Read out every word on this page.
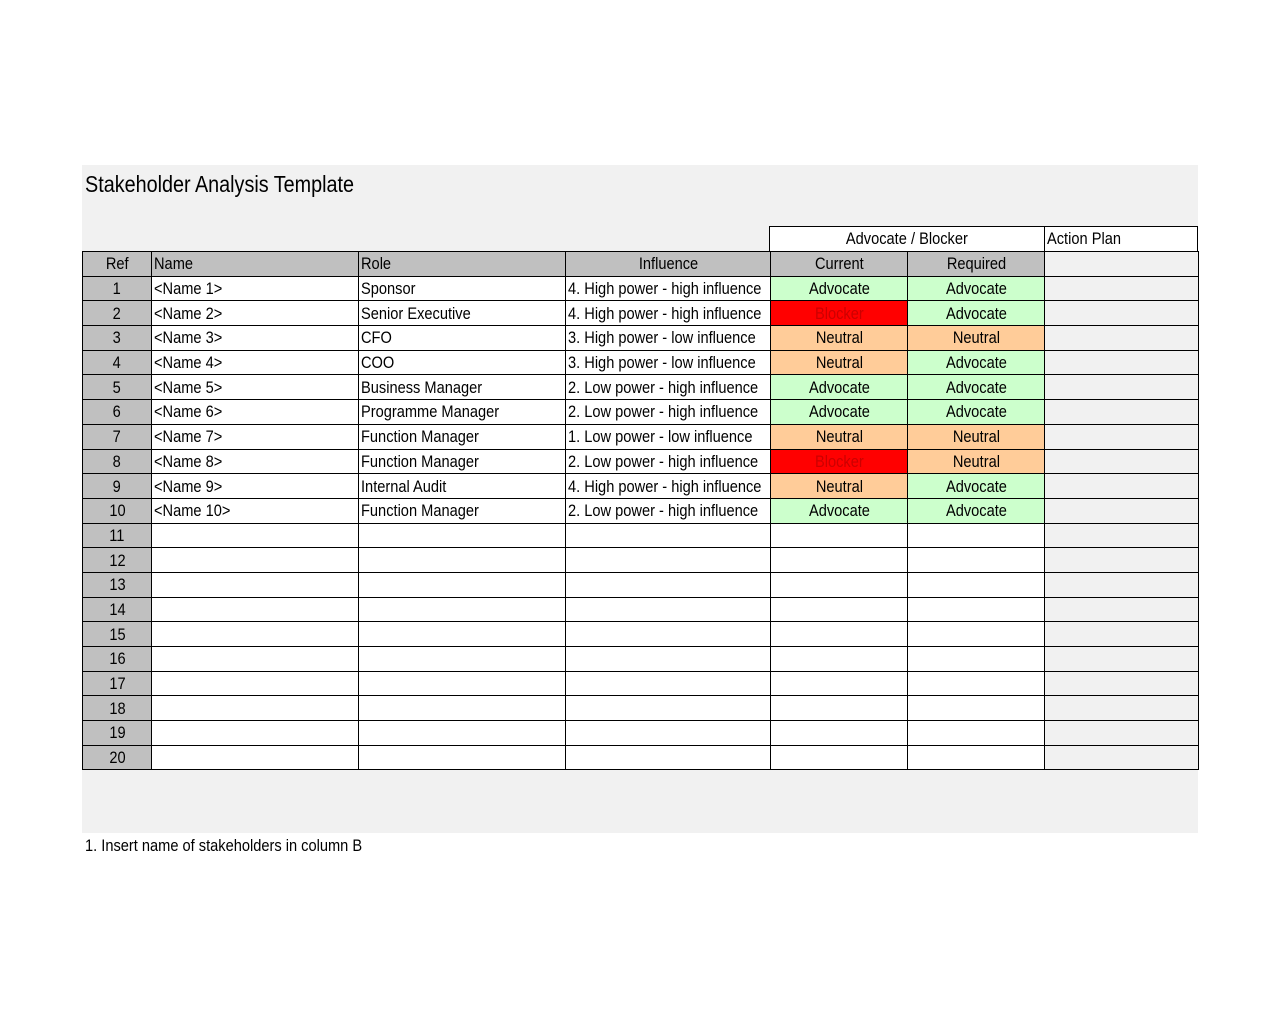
Stakeholder Analysis Template
Advocate / Blocker	Action Plan
Ref	Name	Role	Influence	Current	Required	
1	<Name 1>	Sponsor	4. High power - high influence	Advocate	Advocate	
2	<Name 2>	Senior Executive	4. High power - high influence	Blocker	Advocate	
3	<Name 3>	CFO	3. High power - low influence	Neutral	Neutral	
4	<Name 4>	COO	3. High power - low influence	Neutral	Advocate	
5	<Name 5>	Business Manager	2. Low power - high influence	Advocate	Advocate	
6	<Name 6>	Programme Manager	2. Low power - high influence	Advocate	Advocate	
7	<Name 7>	Function Manager	1. Low power - low influence	Neutral	Neutral	
8	<Name 8>	Function Manager	2. Low power - high influence	Blocker	Neutral	
9	<Name 9>	Internal Audit	4. High power - high influence	Neutral	Advocate	
10	<Name 10>	Function Manager	2. Low power - high influence	Advocate	Advocate	
11						
12						
13						
14						
15						
16						
17						
18						
19						
20						
1. Insert name of stakeholders in column B
